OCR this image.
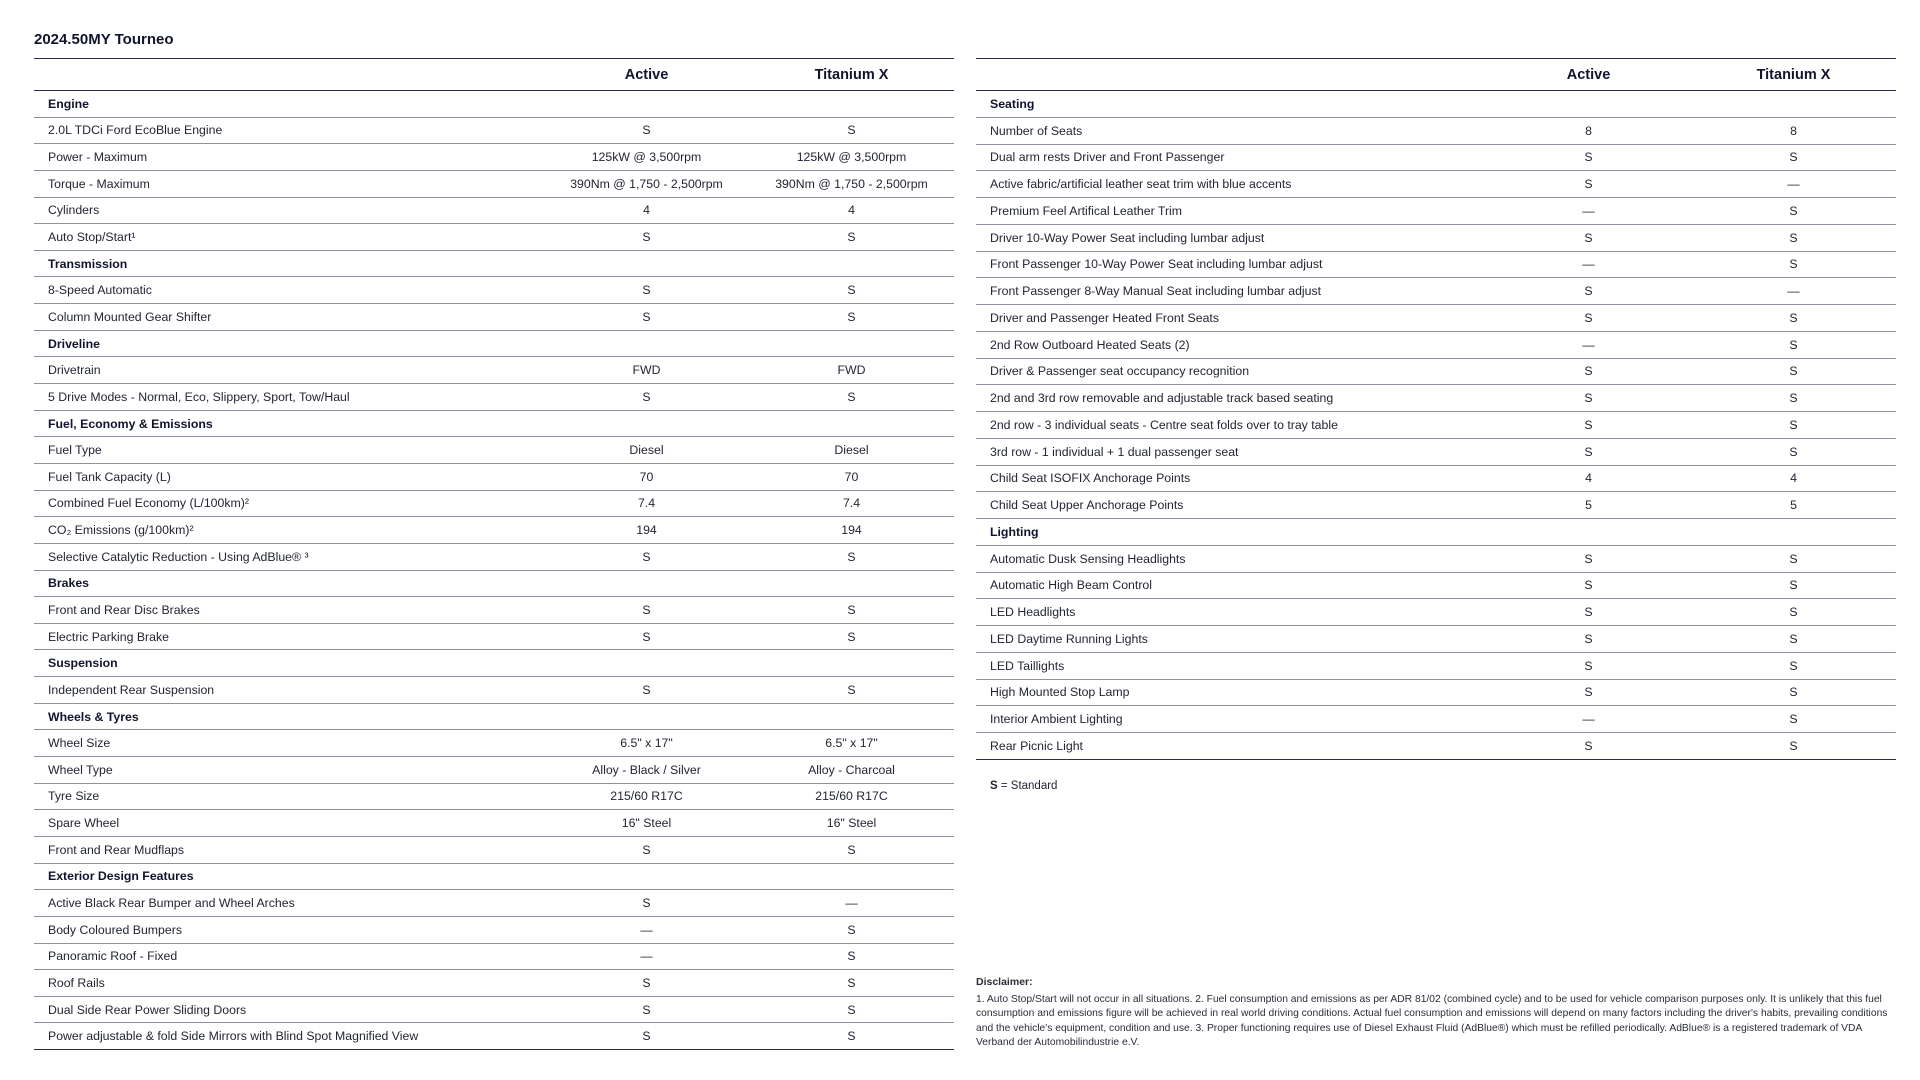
2024.50MY Tourneo
	Active	Titanium X
Engine		
2.0L TDCi Ford EcoBlue Engine	S	S
Power - Maximum	125kW @ 3,500rpm	125kW @ 3,500rpm
Torque - Maximum	390Nm @ 1,750 - 2,500rpm	390Nm @ 1,750 - 2,500rpm
Cylinders	4	4
Auto Stop/Start¹	S	S
Transmission		
8-Speed Automatic	S	S
Column Mounted Gear Shifter	S	S
Driveline		
Drivetrain	FWD	FWD
5 Drive Modes - Normal, Eco, Slippery, Sport, Tow/Haul	S	S
Fuel, Economy & Emissions		
Fuel Type	Diesel	Diesel
Fuel Tank Capacity (L)	70	70
Combined Fuel Economy (L/100km)²	7.4	7.4
CO₂ Emissions (g/100km)²	194	194
Selective Catalytic Reduction - Using AdBlue® ³	S	S
Brakes		
Front and Rear Disc Brakes	S	S
Electric Parking Brake	S	S
Suspension		
Independent Rear Suspension	S	S
Wheels & Tyres		
Wheel Size	6.5" x 17"	6.5" x 17"
Wheel Type	Alloy - Black / Silver	Alloy - Charcoal
Tyre Size	215/60 R17C	215/60 R17C
Spare Wheel	16" Steel	16" Steel
Front and Rear Mudflaps	S	S
Exterior Design Features		
Active Black Rear Bumper and Wheel Arches	S	—
Body Coloured Bumpers	—	S
Panoramic Roof - Fixed	—	S
Roof Rails	S	S
Dual Side Rear Power Sliding Doors	S	S
Power adjustable & fold Side Mirrors with Blind Spot Magnified View	S	S
	Active	Titanium X
Seating		
Number of Seats	8	8
Dual arm rests Driver and Front Passenger	S	S
Active fabric/artificial leather seat trim with blue accents	S	—
Premium Feel Artifical Leather Trim	—	S
Driver 10-Way Power Seat including lumbar adjust	S	S
Front Passenger 10-Way Power Seat including lumbar adjust	—	S
Front Passenger 8-Way Manual Seat including lumbar adjust	S	—
Driver and Passenger Heated Front Seats	S	S
2nd Row Outboard Heated Seats (2)	—	S
Driver & Passenger seat occupancy recognition	S	S
2nd and 3rd row removable and adjustable track based seating	S	S
2nd row - 3 individual seats - Centre seat folds over to tray table	S	S
3rd row - 1 individual + 1 dual passenger seat	S	S
Child Seat ISOFIX Anchorage Points	4	4
Child Seat Upper Anchorage Points	5	5
Lighting		
Automatic Dusk Sensing Headlights	S	S
Automatic High Beam Control	S	S
LED Headlights	S	S
LED Daytime Running Lights	S	S
LED Taillights	S	S
High Mounted Stop Lamp	S	S
Interior Ambient Lighting	—	S
Rear Picnic Light	S	S
S = Standard
Disclaimer:
1. Auto Stop/Start will not occur in all situations. 2. Fuel consumption and emissions as per ADR 81/02 (combined cycle) and to be used for vehicle comparison purposes only. It is unlikely that this fuel consumption and emissions figure will be achieved in real world driving conditions. Actual fuel consumption and emissions will depend on many factors including the driver's habits, prevailing conditions and the vehicle's equipment, condition and use. 3. Proper functioning requires use of Diesel Exhaust Fluid (AdBlue®) which must be refilled periodically. AdBlue® is a registered trademark of VDA Verband der Automobilindustrie e.V.
